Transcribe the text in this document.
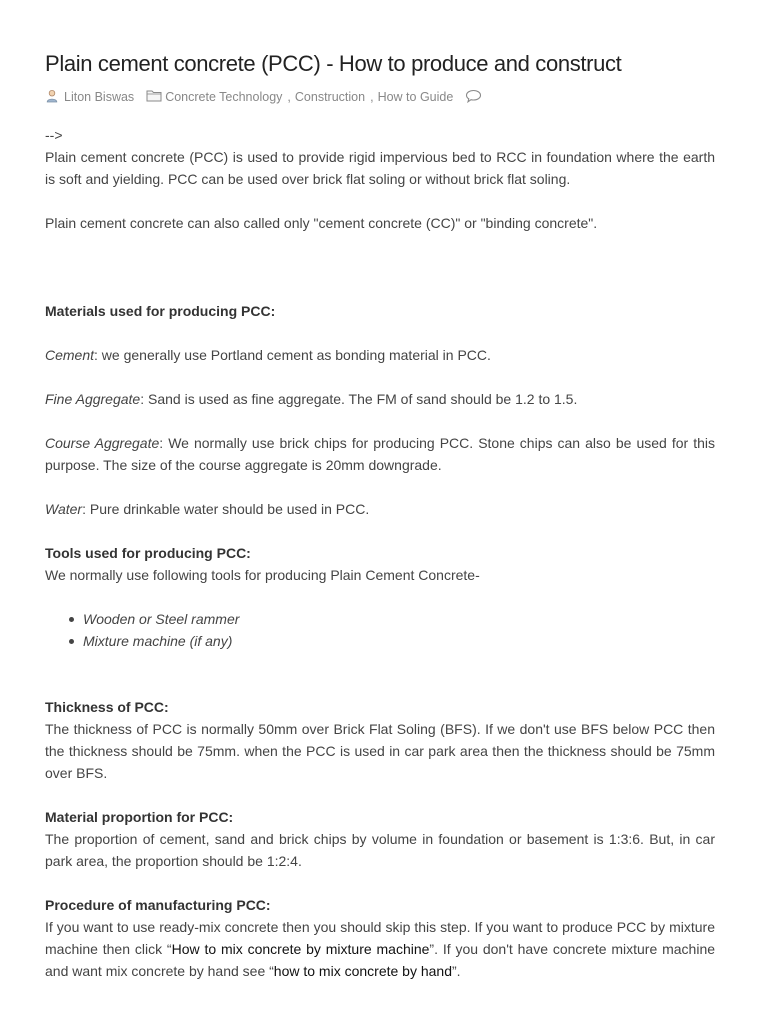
Plain cement concrete (PCC) - How to produce and construct
Liton Biswas Concrete Technology , Construction , How to Guide

-->

Plain cement concrete (PCC) is used to provide rigid impervious bed to RCC in foundation where the earth is soft and yielding. PCC can be used over brick flat soling or without brick flat soling.

Plain cement concrete can also called only "cement concrete (CC)" or "binding concrete".

Materials used for producing PCC:

Cement: we generally use Portland cement as bonding material in PCC.

Fine Aggregate: Sand is used as fine aggregate. The FM of sand should be 1.2 to 1.5.

Course Aggregate: We normally use brick chips for producing PCC. Stone chips can also be used for this purpose. The size of the course aggregate is 20mm downgrade.

Water: Pure drinkable water should be used in PCC.

Tools used for producing PCC:

We normally use following tools for producing Plain Cement Concrete-

Wooden or Steel rammer
Mixture machine (if any)

Thickness of PCC:

The thickness of PCC is normally 50mm over Brick Flat Soling (BFS). If we don't use BFS below PCC then the thickness should be 75mm. when the PCC is used in car park area then the thickness should be 75mm over BFS.

Material proportion for PCC:

The proportion of cement, sand and brick chips by volume in foundation or basement is 1:3:6. But, in car park area, the proportion should be 1:2:4.

Procedure of manufacturing PCC:

If you want to use ready-mix concrete then you should skip this step. If you want to produce PCC by mixture machine then click “How to mix concrete by mixture machine”. If you don't have concrete mixture machine and want mix concrete by hand see “how to mix concrete by hand”.
